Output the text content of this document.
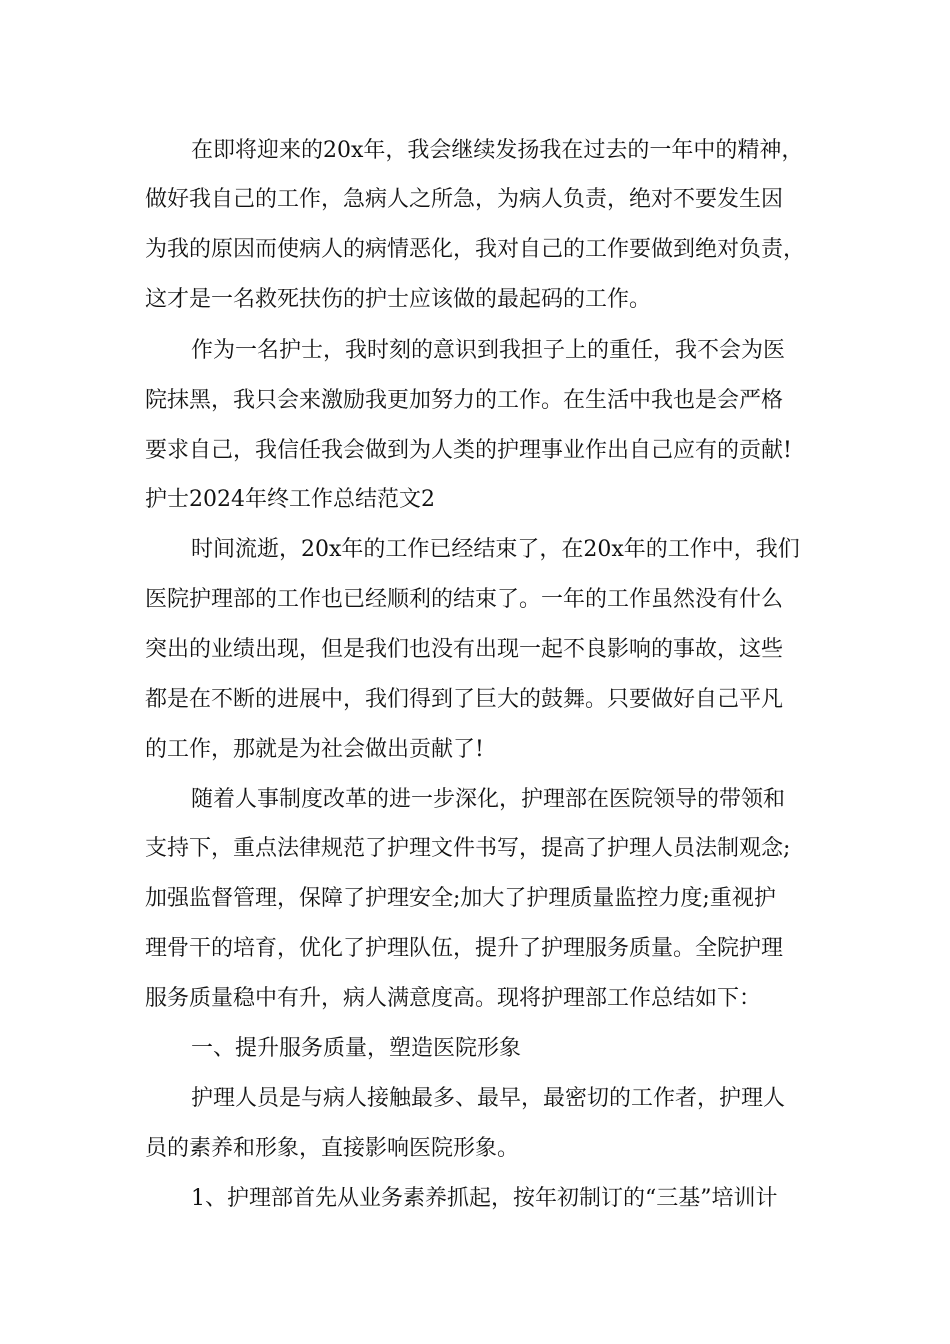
在即将迎来的20x年，我会继续发扬我在过去的一年中的精神，
做好我自己的工作，急病人之所急，为病人负责，绝对不要发生因
为我的原因而使病人的病情恶化，我对自己的工作要做到绝对负责，
这才是一名救死扶伤的护士应该做的最起码的工作。
作为一名护士，我时刻的意识到我担子上的重任，我不会为医
院抹黑，我只会来激励我更加努力的工作。在生活中我也是会严格
要求自己，我信任我会做到为人类的护理事业作出自己应有的贡献!
护士2024年终工作总结范文2
时间流逝，20x年的工作已经结束了，在20x年的工作中，我们
医院护理部的工作也已经顺利的结束了。一年的工作虽然没有什么
突出的业绩出现，但是我们也没有出现一起不良影响的事故，这些
都是在不断的进展中，我们得到了巨大的鼓舞。只要做好自己平凡
的工作，那就是为社会做出贡献了!
随着人事制度改革的进一步深化，护理部在医院领导的带领和
支持下，重点法律规范了护理文件书写，提高了护理人员法制观念;
加强监督管理，保障了护理安全;加大了护理质量监控力度;重视护
理骨干的培育，优化了护理队伍，提升了护理服务质量。全院护理
服务质量稳中有升，病人满意度高。现将护理部工作总结如下：
一、提升服务质量，塑造医院形象
护理人员是与病人接触最多、最早，最密切的工作者，护理人
员的素养和形象，直接影响医院形象。
1、护理部首先从业务素养抓起，按年初制订的“三基”培训计
